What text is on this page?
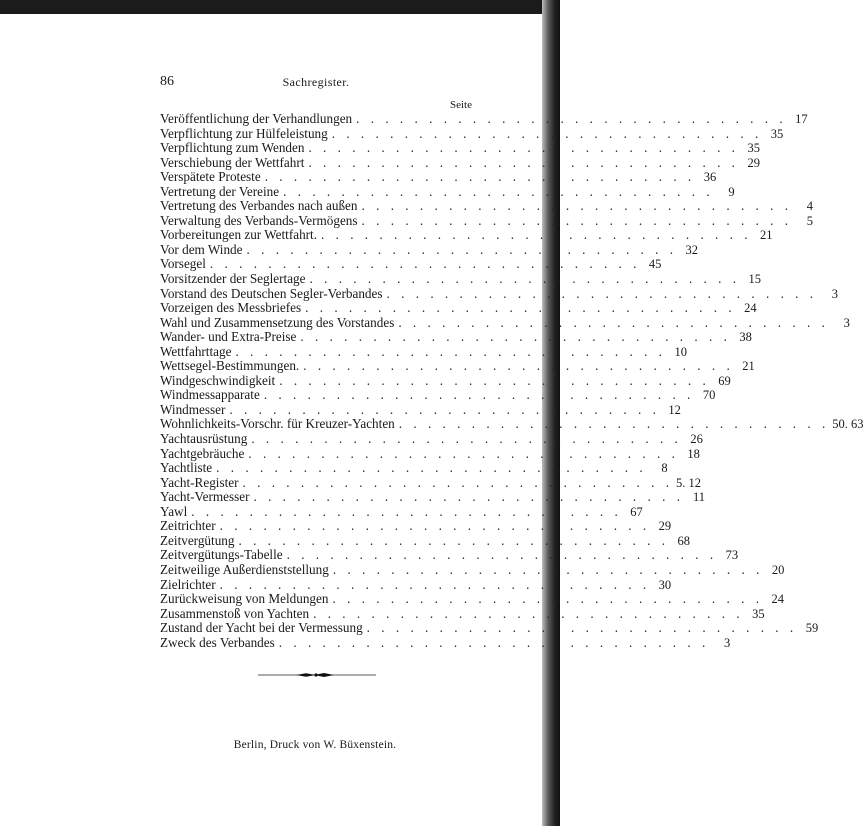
86	Sachregister.
Seite
Veröffentlichung der Verhandlungen . . . . . . . . . . . . . . . . . . . . . . . . . . . . . . 17
Verpflichtung zur Hülfeleistung . . . . . . . . . . . . . . . . . . . . . . . . . . . . . . 35
Verpflichtung zum Wenden . . . . . . . . . . . . . . . . . . . . . . . . . . . . . . 35
Verschiebung der Wettfahrt . . . . . . . . . . . . . . . . . . . . . . . . . . . . . . 29
Verspätete Proteste . . . . . . . . . . . . . . . . . . . . . . . . . . . . . . 36
Vertretung der Vereine . . . . . . . . . . . . . . . . . . . . . . . . . . . . . .	9
Vertretung des Verbandes nach außen . . . . . . . . . . . . . . . . . . . . . . . . . . . . . .	4
Verwaltung des Verbands-Vermögens . . . . . . . . . . . . . . . . . . . . . . . . . . . . . .	5
Vorbereitungen zur Wettfahrt. . . . . . . . . . . . . . . . . . . . . . . . . . . . . . . 21
Vor dem Winde . . . . . . . . . . . . . . . . . . . . . . . . . . . . . . 32
Vorsegel . . . . . . . . . . . . . . . . . . . . . . . . . . . . . . 45
Vorsitzender der Seglertage . . . . . . . . . . . . . . . . . . . . . . . . . . . . . . 15
Vorstand des Deutschen Segler-Verbandes . . . . . . . . . . . . . . . . . . . . . . . . . . . . . .	3
Vorzeigen des Messbriefes . . . . . . . . . . . . . . . . . . . . . . . . . . . . . . 24
Wahl und Zusammensetzung des Vorstandes . . . . . . . . . . . . . . . . . . . . . . . . . . . . . .	3
Wander- und Extra-Preise . . . . . . . . . . . . . . . . . . . . . . . . . . . . . . 38
Wettfahrttage . . . . . . . . . . . . . . . . . . . . . . . . . . . . . . 10
Wettsegel-Bestimmungen. . . . . . . . . . . . . . . . . . . . . . . . . . . . . . . 21
Windgeschwindigkeit . . . . . . . . . . . . . . . . . . . . . . . . . . . . . . 69
Windmessapparate . . . . . . . . . . . . . . . . . . . . . . . . . . . . . . 70
Windmesser . . . . . . . . . . . . . . . . . . . . . . . . . . . . . . 12
Wohnlichkeits-Vorschr. für Kreuzer-Yachten . . . . . . . . . . . . . . . . . . . . . . . . . . . . . . 50. 63
Yachtausrüstung . . . . . . . . . . . . . . . . . . . . . . . . . . . . . . 26
Yachtgebräuche . . . . . . . . . . . . . . . . . . . . . . . . . . . . . . 18
Yachtliste . . . . . . . . . . . . . . . . . . . . . . . . . . . . . .	8
Yacht-Register . . . . . . . . . . . . . . . . . . . . . . . . . . . . . . 5. 12
Yacht-Vermesser . . . . . . . . . . . . . . . . . . . . . . . . . . . . . . 11
Yawl . . . . . . . . . . . . . . . . . . . . . . . . . . . . . . 67
Zeitrichter . . . . . . . . . . . . . . . . . . . . . . . . . . . . . . 29
Zeitvergütung . . . . . . . . . . . . . . . . . . . . . . . . . . . . . . 68
Zeitvergütungs-Tabelle . . . . . . . . . . . . . . . . . . . . . . . . . . . . . . 73
Zeitweilige Außerdienststellung . . . . . . . . . . . . . . . . . . . . . . . . . . . . . . 20
Zielrichter . . . . . . . . . . . . . . . . . . . . . . . . . . . . . . 30
Zurückweisung von Meldungen . . . . . . . . . . . . . . . . . . . . . . . . . . . . . . 24
Zusammenstoß von Yachten . . . . . . . . . . . . . . . . . . . . . . . . . . . . . . 35
Zustand der Yacht bei der Vermessung . . . . . . . . . . . . . . . . . . . . . . . . . . . . . . 59
Zweck des Verbandes . . . . . . . . . . . . . . . . . . . . . . . . . . . . . .	3
Berlin, Druck von W. Büxenstein.
